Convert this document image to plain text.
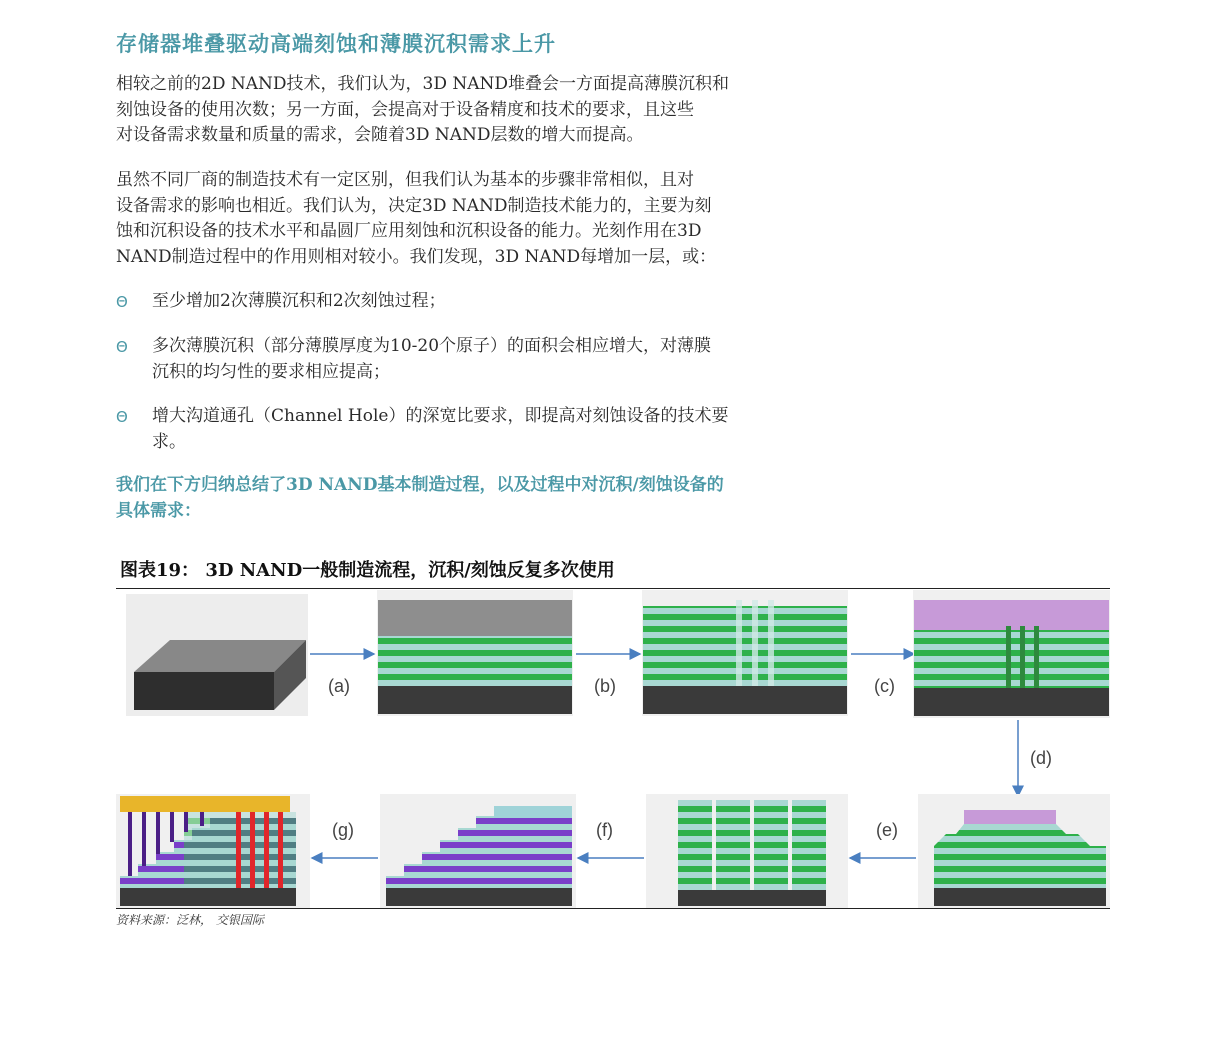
存储器堆叠驱动高端刻蚀和薄膜沉积需求上升

相较之前的2D NAND技术，我们认为，3D NAND堆叠会一方面提高薄膜沉积和
刻蚀设备的使用次数；另一方面，会提高对于设备精度和技术的要求，且这些
对设备需求数量和质量的需求，会随着3D NAND层数的增大而提高。

虽然不同厂商的制造技术有一定区别，但我们认为基本的步骤非常相似，且对
设备需求的影响也相近。我们认为，决定3D NAND制造技术能力的，主要为刻
蚀和沉积设备的技术水平和晶圆厂应用刻蚀和沉积设备的能力。光刻作用在3D
NAND制造过程中的作用则相对较小。我们发现，3D NAND每增加一层，或：

Θ 至少增加2次薄膜沉积和2次刻蚀过程；

Θ 多次薄膜沉积（部分薄膜厚度为10-20个原子）的面积会相应增大，对薄膜
沉积的均匀性的要求相应提高；

Θ 增大沟道通孔（Channel Hole）的深宽比要求，即提高对刻蚀设备的技术要
求。

我们在下方归纳总结了3D NAND基本制造过程，以及过程中对沉积/刻蚀设备的
具体需求：

图表19： 3D NAND一般制造流程，沉积/刻蚀反复多次使用
(a)	(b)	(c)
(d)
(e)
(f)
(g)
资料来源：泛林， 交银国际
